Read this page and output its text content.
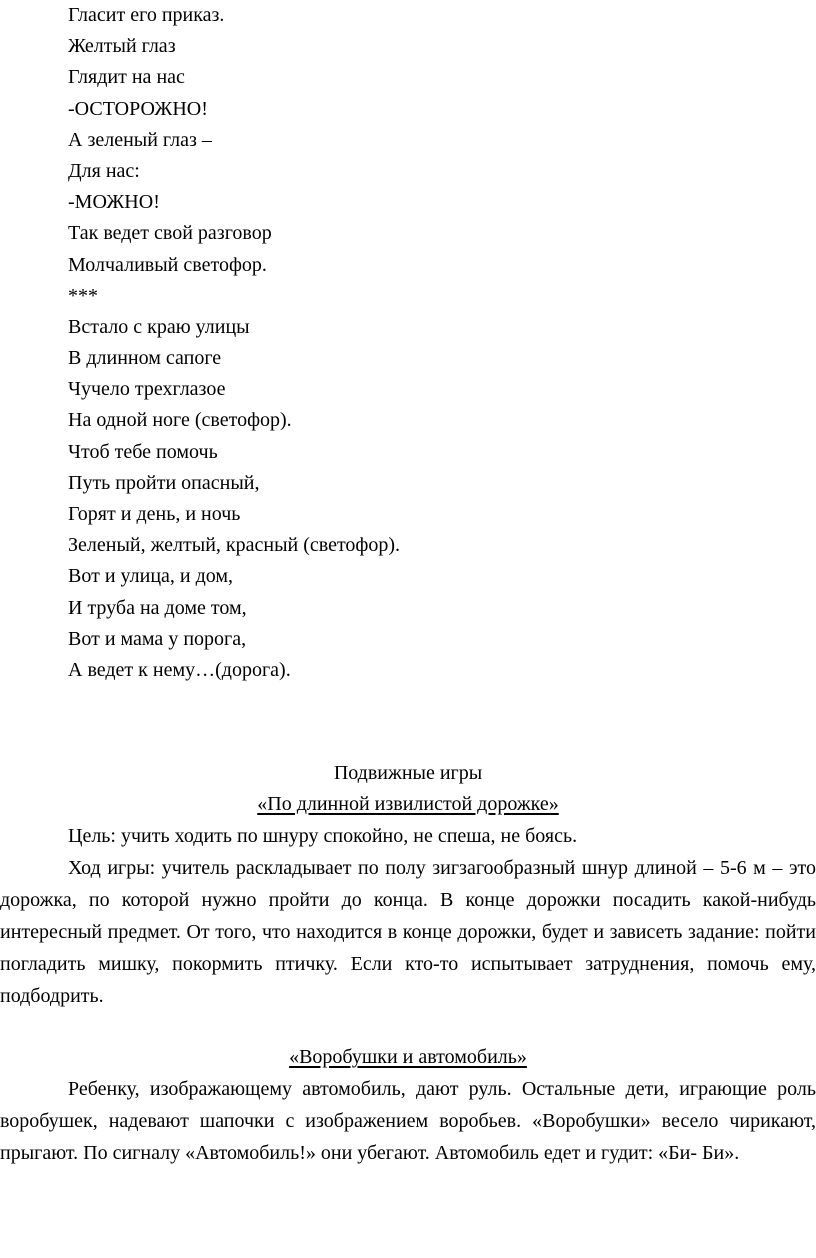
Гласит его приказ.
Желтый глаз
Глядит на нас
-ОСТОРОЖНО!
А зеленый глаз –
Для нас:
-МОЖНО!
Так ведет свой разговор
Молчаливый светофор.
***
Встало с краю улицы
В длинном сапоге
Чучело трехглазое
На одной ноге (светофор).
Чтоб тебе помочь
Путь пройти опасный,
Горят и день, и ночь
Зеленый, желтый, красный (светофор).
Вот и улица, и дом,
И труба на доме том,
Вот и мама у порога,
А ведет к нему…(дорога).
Подвижные игры
«По длинной извилистой дорожке»
Цель: учить ходить по шнуру спокойно, не спеша, не боясь.
Ход игры: учитель раскладывает по полу зигзагообразный шнур длиной – 5-6 м – это дорожка, по которой нужно пройти до конца. В конце дорожки посадить какой-нибудь интересный предмет. От того, что находится в конце дорожки, будет и зависеть задание: пойти погладить мишку, покормить птичку. Если кто-то испытывает затруднения, помочь ему, подбодрить.
«Воробушки и автомобиль»
Ребенку, изображающему автомобиль, дают руль. Остальные дети, играющие роль воробушек, надевают шапочки с изображением воробьев. «Воробушки» весело чирикают, прыгают. По сигналу «Автомобиль!» они убегают. Автомобиль едет и гудит: «Би- Би».
